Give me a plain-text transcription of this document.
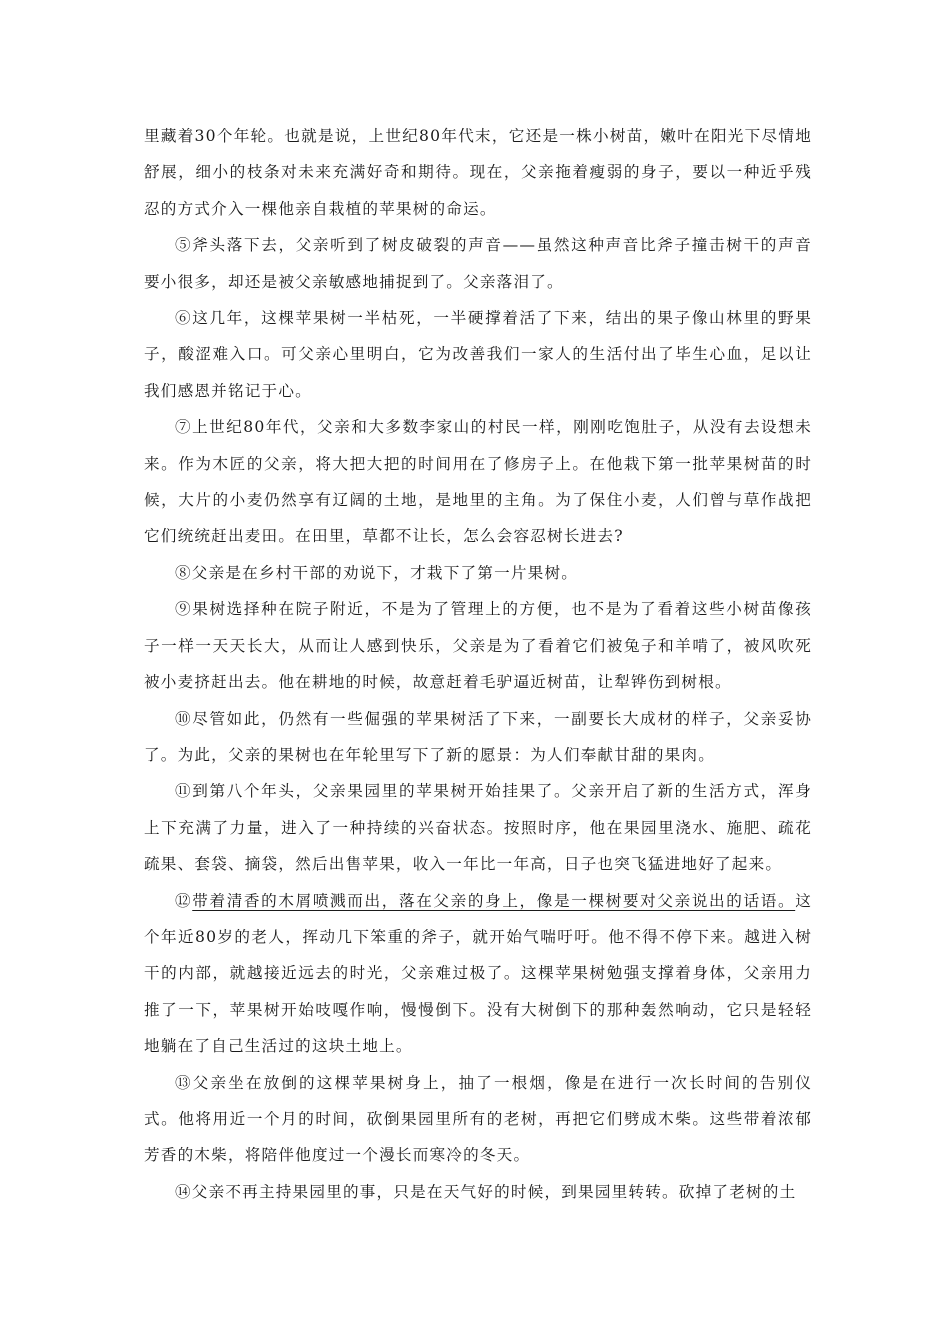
里藏着30个年轮。也就是说，上世纪80年代末，它还是一株小树苗，嫩叶在阳光下尽情地舒展，细小的枝条对未来充满好奇和期待。现在，父亲拖着瘦弱的身子，要以一种近乎残忍的方式介入一棵他亲自栽植的苹果树的命运。

⑤斧头落下去，父亲听到了树皮破裂的声音——虽然这种声音比斧子撞击树干的声音要小很多，却还是被父亲敏感地捕捉到了。父亲落泪了。

⑥这几年，这棵苹果树一半枯死，一半硬撑着活了下来，结出的果子像山林里的野果子，酸涩难入口。可父亲心里明白，它为改善我们一家人的生活付出了毕生心血，足以让我们感恩并铭记于心。

⑦上世纪80年代，父亲和大多数李家山的村民一样，刚刚吃饱肚子，从没有去设想未来。作为木匠的父亲，将大把大把的时间用在了修房子上。在他栽下第一批苹果树苗的时候，大片的小麦仍然享有辽阔的土地，是地里的主角。为了保住小麦，人们曾与草作战把它们统统赶出麦田。在田里，草都不让长，怎么会容忍树长进去?

⑧父亲是在乡村干部的劝说下，才栽下了第一片果树。

⑨果树选择种在院子附近，不是为了管理上的方便，也不是为了看着这些小树苗像孩子一样一天天长大，从而让人感到快乐，父亲是为了看着它们被兔子和羊啃了，被风吹死被小麦挤赶出去。他在耕地的时候，故意赶着毛驴逼近树苗，让犁铧伤到树根。

⑩尽管如此，仍然有一些倔强的苹果树活了下来，一副要长大成材的样子，父亲妥协了。为此，父亲的果树也在年轮里写下了新的愿景：为人们奉献甘甜的果肉。

⑪到第八个年头，父亲果园里的苹果树开始挂果了。父亲开启了新的生活方式，浑身上下充满了力量，进入了一种持续的兴奋状态。按照时序，他在果园里浇水、施肥、疏花疏果、套袋、摘袋，然后出售苹果，收入一年比一年高，日子也突飞猛进地好了起来。

⑫带着清香的木屑喷溅而出，落在父亲的身上，像是一棵树要对父亲说出的话语。这个年近80岁的老人，挥动几下笨重的斧子，就开始气喘吁吁。他不得不停下来。越进入树干的内部，就越接近远去的时光，父亲难过极了。这棵苹果树勉强支撑着身体，父亲用力推了一下，苹果树开始吱嘎作响，慢慢倒下。没有大树倒下的那种轰然响动，它只是轻轻地躺在了自己生活过的这块土地上。

⑬父亲坐在放倒的这棵苹果树身上，抽了一根烟，像是在进行一次长时间的告别仪式。他将用近一个月的时间，砍倒果园里所有的老树，再把它们劈成木柴。这些带着浓郁芳香的木柴，将陪伴他度过一个漫长而寒冷的冬天。

⑭父亲不再主持果园里的事，只是在天气好的时候，到果园里转转。砍掉了老树的土
